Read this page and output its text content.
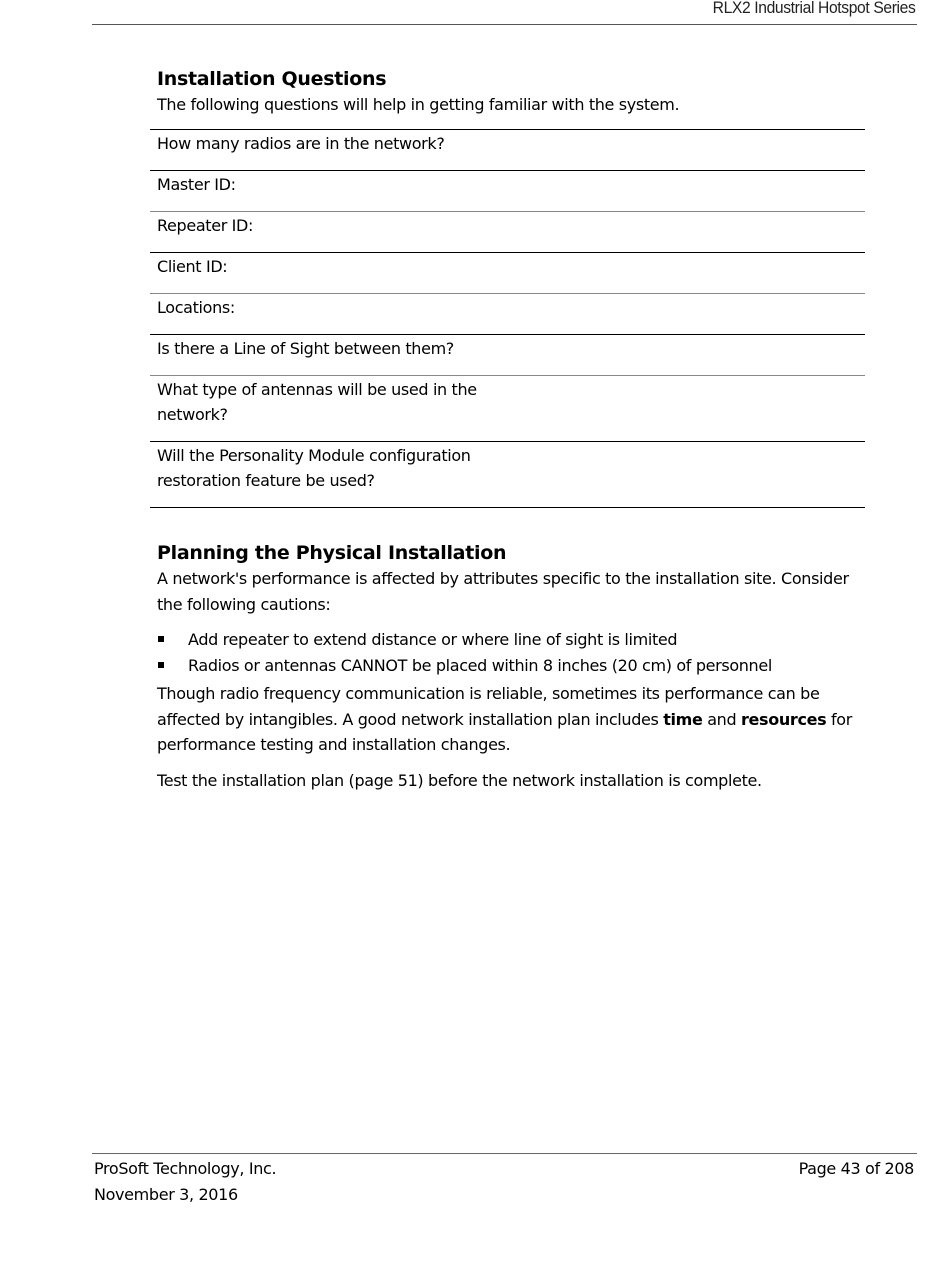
RLX2 Industrial Hotspot Series
Installation Questions

The following questions will help in getting familiar with the system.

How many radios are in the network?	
Master ID:	
Repeater ID:	
Client ID:	
Locations:	
Is there a Line of Sight between them?	
What type of antennas will be used in the network?	
Will the Personality Module configuration restoration feature be used?	
Planning the Physical Installation

A network's performance is affected by attributes specific to the installation site. Consider the following cautions:

Add repeater to extend distance or where line of sight is limited
Radios or antennas CANNOT be placed within 8 inches (20 cm) of personnel

Though radio frequency communication is reliable, sometimes its performance can be affected by intangibles. A good network installation plan includes time and resources for performance testing and installation changes.

Test the installation plan (page 51) before the network installation is complete.

ProSoft Technology, Inc.
November 3, 2016
Page 43 of 208
